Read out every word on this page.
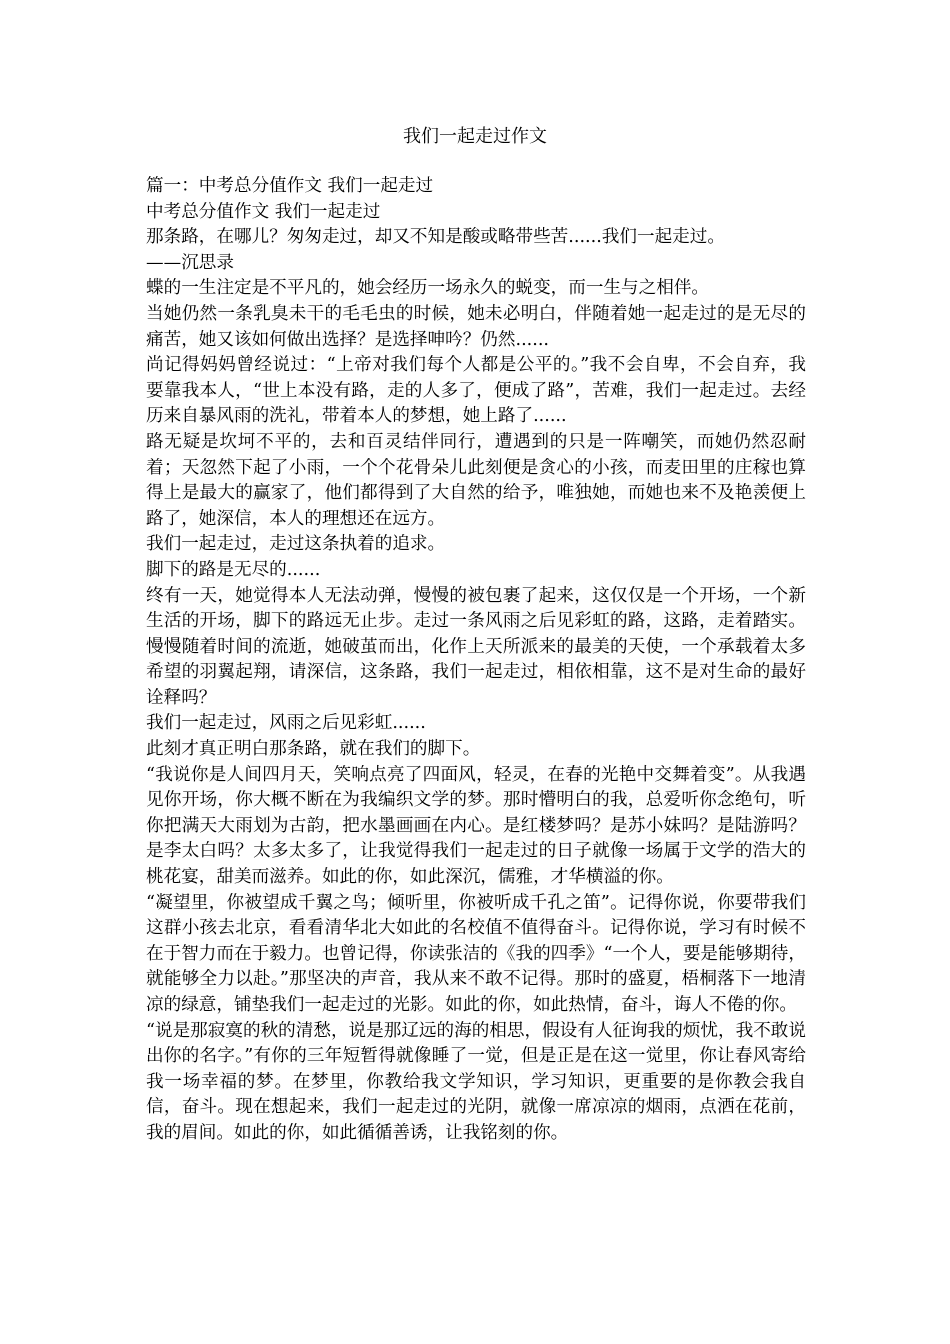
我们一起走过作文

篇一：中考总分值作文 我们一起走过

中考总分值作文 我们一起走过

那条路，在哪儿？匆匆走过，却又不知是酸或略带些苦......我们一起走过。

——沉思录

蝶的一生注定是不平凡的，她会经历一场永久的蜕变，而一生与之相伴。

当她仍然一条乳臭未干的毛毛虫的时候，她未必明白，伴随着她一起走过的是无尽的痛苦，她又该如何做出选择？是选择呻吟？仍然......

尚记得妈妈曾经说过：“上帝对我们每个人都是公平的。”我不会自卑，不会自弃，我要靠我本人，“世上本没有路，走的人多了，便成了路”，苦难，我们一起走过。去经历来自暴风雨的洗礼，带着本人的梦想，她上路了......

路无疑是坎坷不平的，去和百灵结伴同行，遭遇到的只是一阵嘲笑，而她仍然忍耐着；天忽然下起了小雨，一个个花骨朵儿此刻便是贪心的小孩，而麦田里的庄稼也算得上是最大的赢家了，他们都得到了大自然的给予，唯独她，而她也来不及艳羡便上路了，她深信，本人的理想还在远方。

我们一起走过，走过这条执着的追求。

脚下的路是无尽的......

终有一天，她觉得本人无法动弹，慢慢的被包裹了起来，这仅仅是一个开场，一个新生活的开场，脚下的路远无止步。走过一条风雨之后见彩虹的路，这路，走着踏实。慢慢随着时间的流逝，她破茧而出，化作上天所派来的最美的天使，一个承载着太多希望的羽翼起翔，请深信，这条路，我们一起走过，相依相靠，这不是对生命的最好诠释吗？

我们一起走过，风雨之后见彩虹......

此刻才真正明白那条路，就在我们的脚下。

“我说你是人间四月天，笑响点亮了四面风，轻灵，在春的光艳中交舞着变”。从我遇见你开场，你大概不断在为我编织文学的梦。那时懵明白的我，总爱听你念绝句，听你把满天大雨划为古韵，把水墨画画在内心。是红楼梦吗？是苏小妹吗？是陆游吗？是李太白吗？太多太多了，让我觉得我们一起走过的日子就像一场属于文学的浩大的桃花宴，甜美而滋养。如此的你，如此深沉，儒雅，才华横溢的你。

“凝望里，你被望成千翼之鸟；倾听里，你被听成千孔之笛”。记得你说，你要带我们这群小孩去北京，看看清华北大如此的名校值不值得奋斗。记得你说，学习有时候不在于智力而在于毅力。也曾记得，你读张洁的《我的四季》“一个人，要是能够期待，就能够全力以赴。”那坚决的声音，我从来不敢不记得。那时的盛夏，梧桐落下一地清凉的绿意，铺垫我们一起走过的光影。如此的你，如此热情，奋斗，诲人不倦的你。

“说是那寂寞的秋的清愁，说是那辽远的海的相思，假设有人征询我的烦忧，我不敢说出你的名字。”有你的三年短暂得就像睡了一觉，但是正是在这一觉里，你让春风寄给我一场幸福的梦。在梦里，你教给我文学知识，学习知识，更重要的是你教会我自信，奋斗。现在想起来，我们一起走过的光阴，就像一席凉凉的烟雨，点洒在花前，我的眉间。如此的你，如此循循善诱，让我铭刻的你。
